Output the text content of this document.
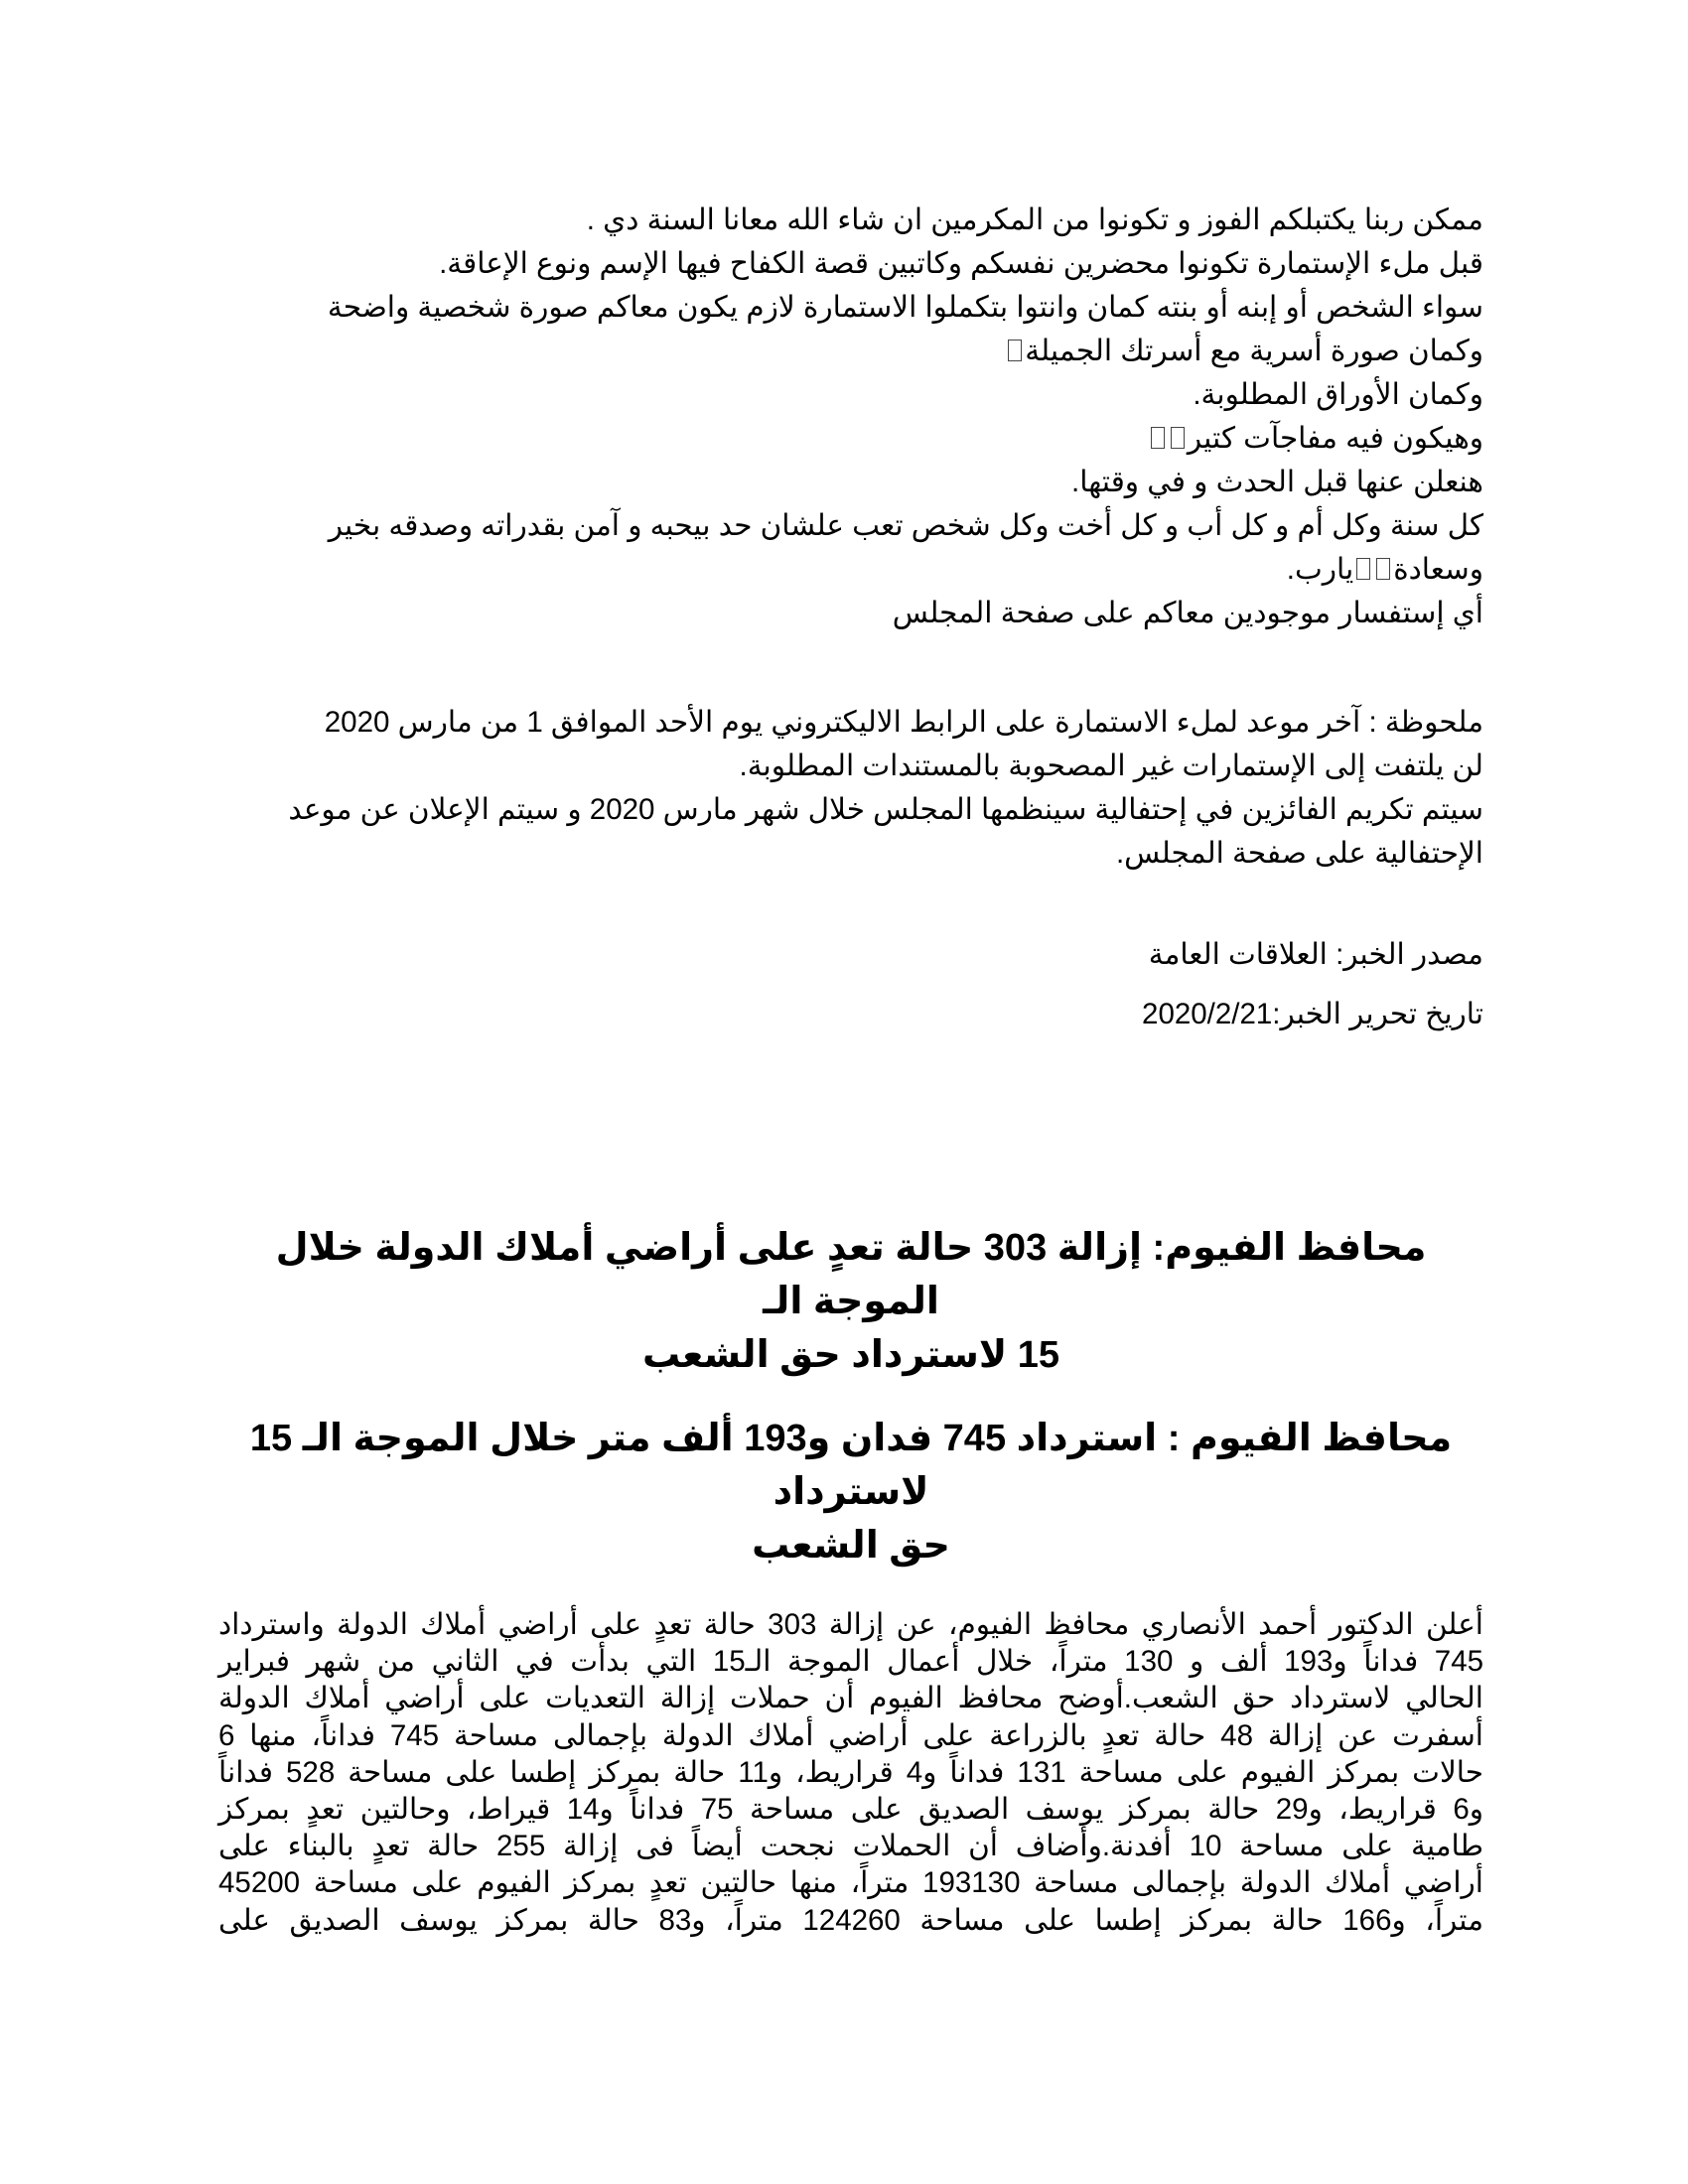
ممكن ربنا يكتبلكم الفوز و تكونوا من المكرمين ان شاء الله معانا السنة دي .
قبل ملء الإستمارة تكونوا محضرين نفسكم وكاتبين قصة الكفاح فيها الإسم ونوع الإعاقة.
سواء الشخص أو إبنه أو بنته كمان وانتوا بتكملوا الاستمارة لازم يكون معاكم صورة شخصية واضحة
وكمان صورة أسرية مع أسرتك الجميلة
وكمان الأوراق المطلوبة.
وهيكون فيه مفاجآت كتير
هنعلن عنها قبل الحدث و في وقتها.
كل سنة وكل أم و كل أب و كل أخت وكل شخص تعب علشان حد بيحبه و آمن بقدراته وصدقه بخير
وسعادةيارب.
أي إستفسار موجودين معاكم على صفحة المجلس
ملحوظة : آخر موعد لملء الاستمارة على الرابط الاليكتروني يوم الأحد الموافق 1 من مارس 2020
لن يلتفت إلى الإستمارات غير المصحوبة بالمستندات المطلوبة.
سيتم تكريم الفائزين في إحتفالية سينظمها المجلس خلال شهر مارس 2020 و سيتم الإعلان عن موعد
الإحتفالية على صفحة المجلس.
مصدر الخبر: العلاقات العامة
تاريخ تحرير الخبر:2020/2/21
محافظ الفيوم: إزالة 303 حالة تعدٍ على أراضي أملاك الدولة خلال الموجة الـ
15 لاسترداد حق الشعب
محافظ الفيوم : استرداد 745 فدان و193 ألف متر خلال الموجة الـ 15 لاسترداد
حق الشعب
أعلن الدكتور أحمد الأنصاري محافظ الفيوم، عن إزالة 303 حالة تعدٍ على أراضي أملاك الدولة واسترداد
745 فداناً و193 ألف و 130 متراً، خلال أعمال الموجة الـ15 التي بدأت في الثاني من شهر فبراير
الحالي لاسترداد حق الشعب.أوضح محافظ الفيوم أن حملات إزالة التعديات على أراضي أملاك الدولة
أسفرت عن إزالة 48 حالة تعدٍ بالزراعة على أراضي أملاك الدولة بإجمالى مساحة 745 فداناً، منها 6
حالات بمركز الفيوم على مساحة 131 فداناً و4 قراريط، و11 حالة بمركز إطسا على مساحة 528 فداناً
و6 قراريط، و29 حالة بمركز يوسف الصديق على مساحة 75 فداناً و14 قيراط، وحالتين تعدٍ بمركز
طامية على مساحة 10 أفدنة.وأضاف أن الحملات نجحت أيضاً فى إزالة 255 حالة تعدٍ بالبناء على
أراضي أملاك الدولة بإجمالى مساحة 193130 متراً، منها حالتين تعدٍ بمركز الفيوم على مساحة 45200
متراً، و166 حالة بمركز إطسا على مساحة 124260 متراً، و83 حالة بمركز يوسف الصديق على
